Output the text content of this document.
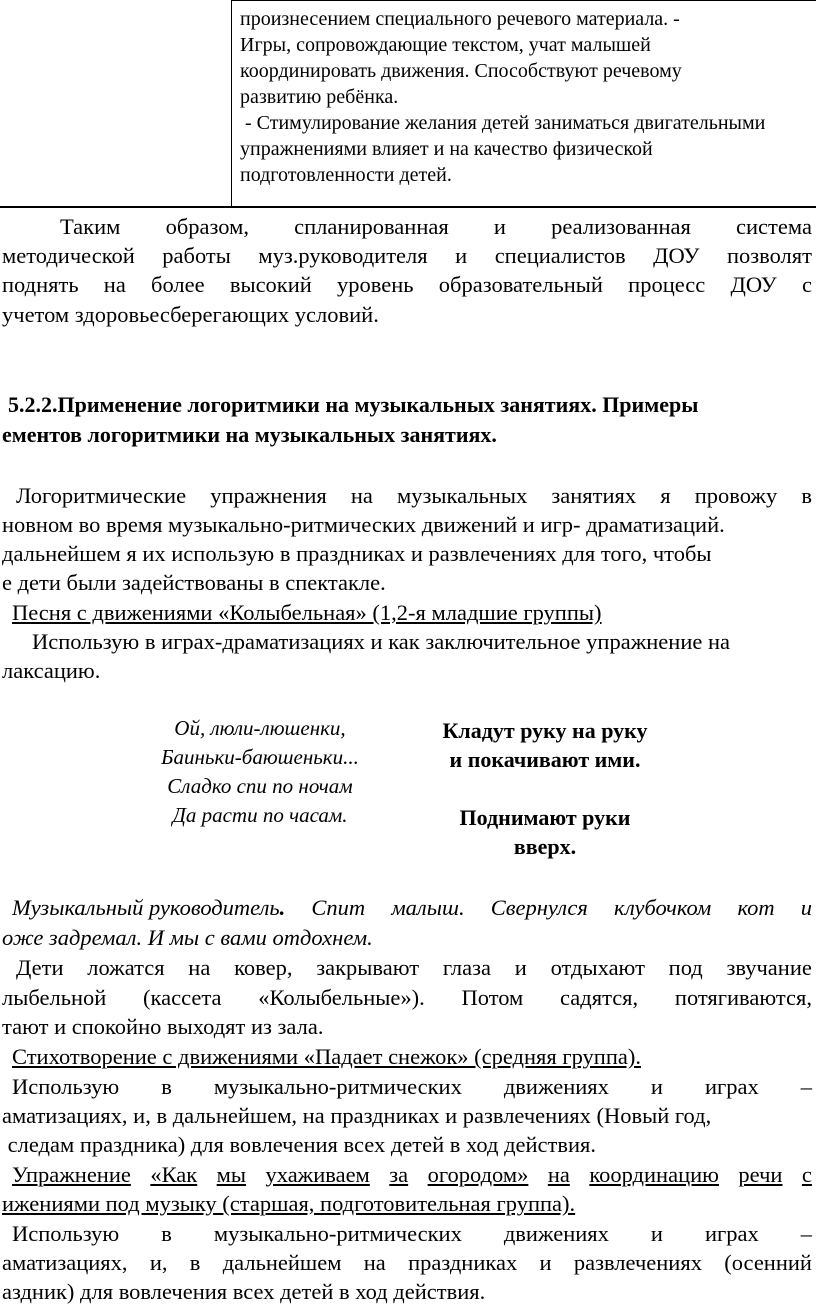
произнесением специального речевого материала. -
Игры, сопровождающие текстом, учат малышей
координировать движения. Способствуют речевому
развитию ребёнка.
- Стимулирование желания детей заниматься двигательными
упражнениями влияет и на качество физической
подготовленности детей.
Таким образом, спланированная и реализованная система
методической работы муз.руководителя и специалистов ДОУ позволят
поднять на более высокий уровень образовательный процесс ДОУ с
учетом здоровьесберегающих условий.
5.2.2.Применение логоритмики на музыкальных занятиях. Примеры
ементов логоритмики на музыкальных занятиях.
Логоритмические упражнения на музыкальных занятиях я провожу в
новном во время музыкально-ритмических движений и игр- драматизаций.
дальнейшем я их использую в праздниках и развлечениях для того, чтобы
е дети были задействованы в спектакле.
Песня с движениями «Колыбельная» (1,2-я младшие группы)
Использую в играх-драматизациях и как заключительное упражнение на
лаксацию.
Ой, люли-люшенки,
Баиньки-баюшеньки...
Сладко спи по ночам
Да расти по часам.
Кладут руку на руку
и покачивают ими.
Поднимают руки
вверх.
Музыкальный руководитель. Спит малыш. Свернулся клубочком кот и
оже задремал. И мы с вами отдохнем.
Дети ложатся на ковер, закрывают глаза и отдыхают под звучание
лыбельной (кассета «Колыбельные»). Потом садятся, потягиваются,
тают и спокойно выходят из зала.
Стихотворение с движениями «Падает снежок» (средняя группа).
Использую в музыкально-ритмических движениях и играх –
аматизациях, и, в дальнейшем, на праздниках и развлечениях (Новый год,
следам праздника) для вовлечения всех детей в ход действия.
Упражнение «Как мы ухаживаем за огородом» на координацию речи с
ижениями под музыку (старшая, подготовительная группа).
Использую в музыкально-ритмических движениях и играх –
аматизациях, и, в дальнейшем на праздниках и развлечениях (осенний
аздник) для вовлечения всех детей в ход действия.
